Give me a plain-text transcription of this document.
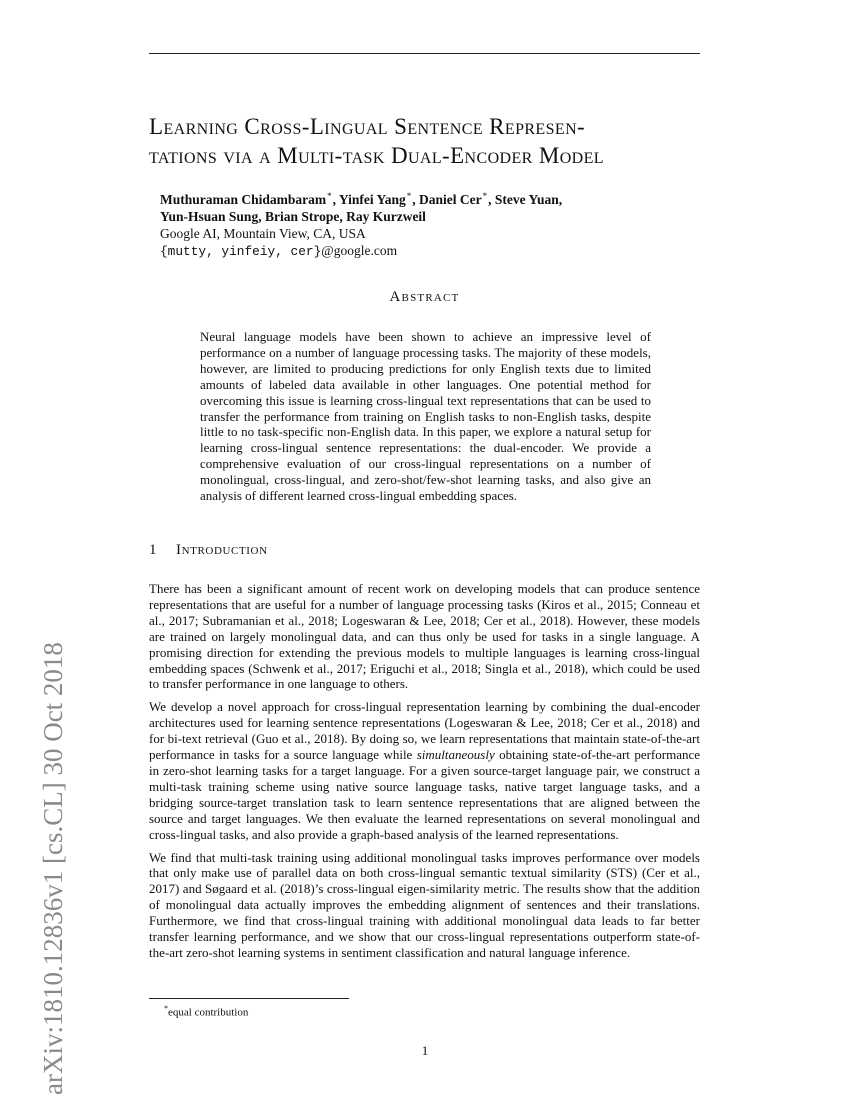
arXiv:1810.12836v1 [cs.CL] 30 Oct 2018
Learning Cross-Lingual Sentence Represen-
tations via a Multi-task Dual-Encoder Model
Muthuraman Chidambaram*, Yinfei Yang*, Daniel Cer*, Steve Yuan,
Yun-Hsuan Sung, Brian Strope, Ray Kurzweil
Google AI, Mountain View, CA, USA
{mutty, yinfeiy, cer}@google.com
Abstract
Neural language models have been shown to achieve an impressive level of performance on a number of language processing tasks. The majority of these models, however, are limited to producing predictions for only English texts due to limited amounts of labeled data available in other languages. One potential method for overcoming this issue is learning cross-lingual text representations that can be used to transfer the performance from training on English tasks to non-English tasks, despite little to no task-specific non-English data. In this paper, we explore a natural setup for learning cross-lingual sentence representations: the dual-encoder. We provide a comprehensive evaluation of our cross-lingual representations on a number of monolingual, cross-lingual, and zero-shot/few-shot learning tasks, and also give an analysis of different learned cross-lingual embedding spaces.
1 Introduction

There has been a significant amount of recent work on developing models that can produce sentence representations that are useful for a number of language processing tasks (Kiros et al., 2015; Conneau et al., 2017; Subramanian et al., 2018; Logeswaran & Lee, 2018; Cer et al., 2018). However, these models are trained on largely monolingual data, and can thus only be used for tasks in a single language. A promising direction for extending the previous models to multiple languages is learning cross-lingual embedding spaces (Schwenk et al., 2017; Eriguchi et al., 2018; Singla et al., 2018), which could be used to transfer performance in one language to others.

We develop a novel approach for cross-lingual representation learning by combining the dual-encoder architectures used for learning sentence representations (Logeswaran & Lee, 2018; Cer et al., 2018) and for bi-text retrieval (Guo et al., 2018). By doing so, we learn representations that maintain state-of-the-art performance in tasks for a source language while simultaneously obtaining state-of-the-art performance in zero-shot learning tasks for a target language. For a given source-target language pair, we construct a multi-task training scheme using native source language tasks, native target language tasks, and a bridging source-target translation task to learn sentence representations that are aligned between the source and target languages. We then evaluate the learned representations on several monolingual and cross-lingual tasks, and also provide a graph-based analysis of the learned representations.

We find that multi-task training using additional monolingual tasks improves performance over models that only make use of parallel data on both cross-lingual semantic textual similarity (STS) (Cer et al., 2017) and Søgaard et al. (2018)’s cross-lingual eigen-similarity metric. The results show that the addition of monolingual data actually improves the embedding alignment of sentences and their translations. Furthermore, we find that cross-lingual training with additional monolingual data leads to far better transfer learning performance, and we show that our cross-lingual representations outperform state-of-the-art zero-shot learning systems in sentiment classification and natural language inference.

*equal contribution
1
